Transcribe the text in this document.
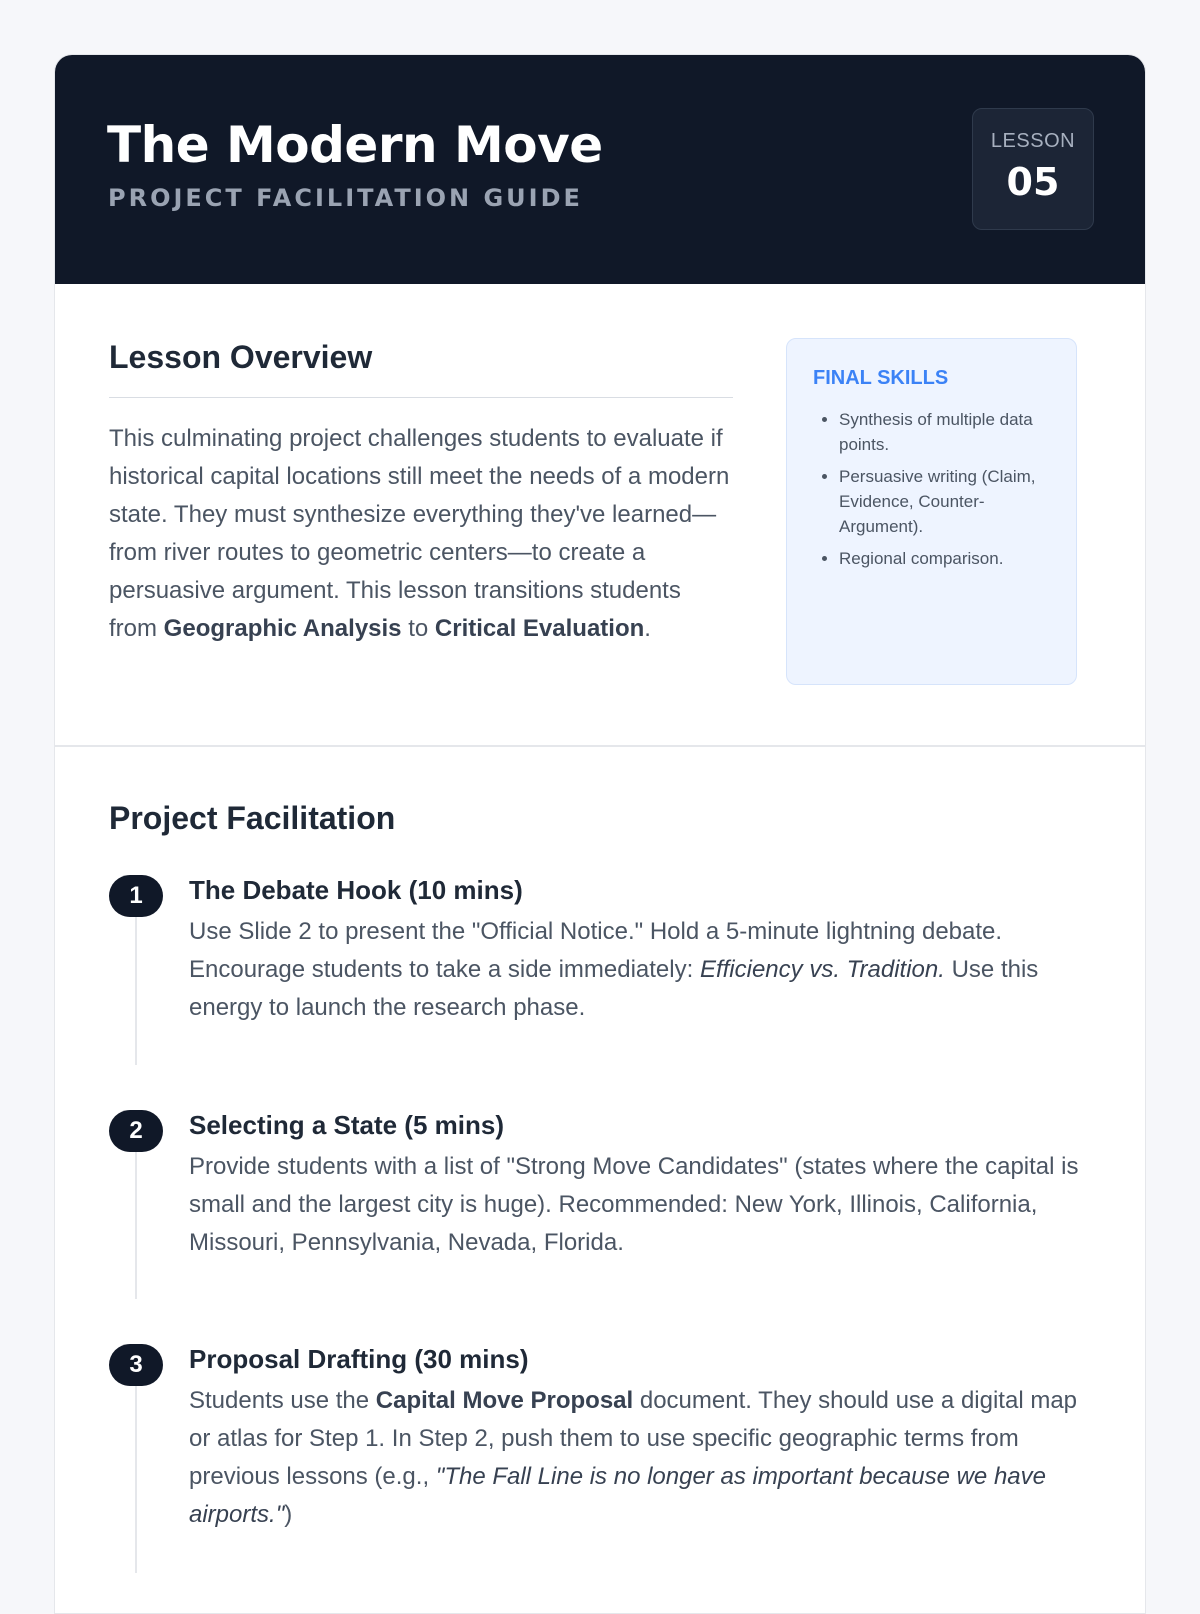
The Modern Move
PROJECT FACILITATION GUIDE
LESSON
05
Lesson Overview

This culminating project challenges students to evaluate if historical capital locations still meet the needs of a modern state. They must synthesize everything they've learned—from river routes to geometric centers—to create a persuasive argument. This lesson transitions students from Geographic Analysis to Critical Evaluation.

FINAL SKILLS
• Synthesis of multiple data points.
• Persuasive writing (Claim, Evidence, Counter-Argument).
• Regional comparison.
Project Facilitation
1	The Debate Hook (10 mins)

Use Slide 2 to present the "Official Notice." Hold a 5-minute lightning debate. Encourage students to take a side immediately: Efficiency vs. Tradition. Use this energy to launch the research phase.

2	Selecting a State (5 mins)

Provide students with a list of "Strong Move Candidates" (states where the capital is small and the largest city is huge). Recommended: New York, Illinois, California, Missouri, Pennsylvania, Nevada, Florida.

3	Proposal Drafting (30 mins)

Students use the Capital Move Proposal document. They should use a digital map or atlas for Step 1. In Step 2, push them to use specific geographic terms from previous lessons (e.g., "The Fall Line is no longer as important because we have airports.")
